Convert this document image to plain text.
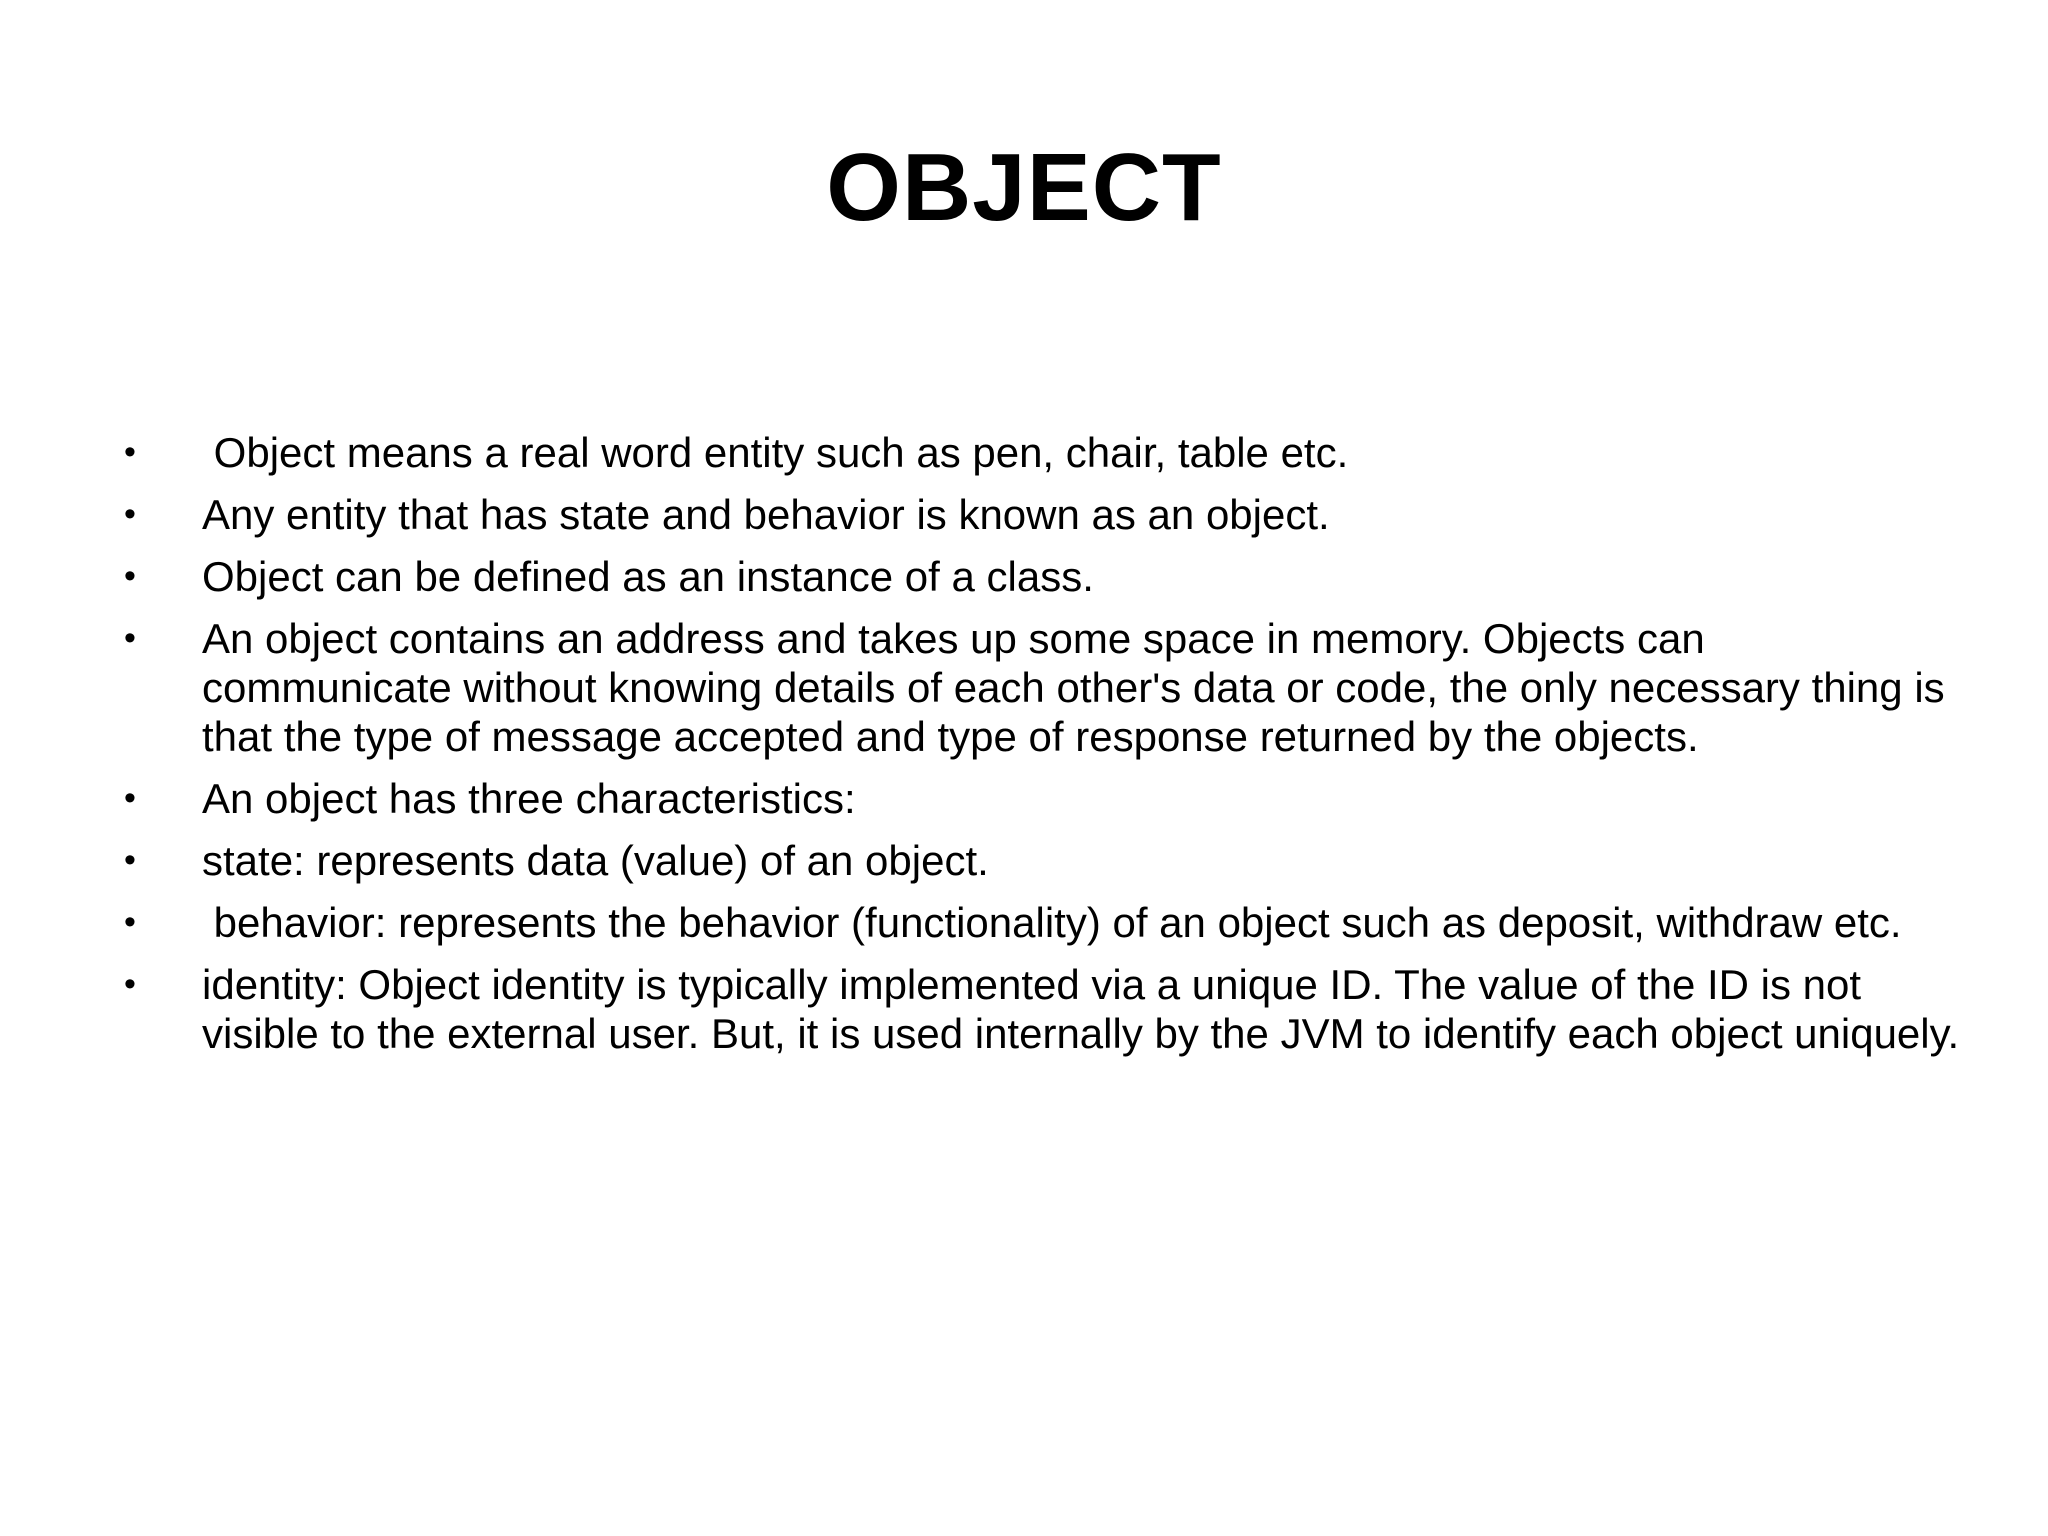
OBJECT
• Object means a real word entity such as pen, chair, table etc.
• Any entity that has state and behavior is known as an object.
• Object can be defined as an instance of a class.
• An object contains an address and takes up some space in memory. Objects can communicate without knowing details of each other's data or code, the only necessary thing is that the type of message accepted and type of response returned by the objects.
• An object has three characteristics:
• state: represents data (value) of an object.
• behavior: represents the behavior (functionality) of an object such as deposit, withdraw etc.
• identity: Object identity is typically implemented via a unique ID. The value of the ID is not visible to the external user. But, it is used internally by the JVM to identify each object uniquely.
